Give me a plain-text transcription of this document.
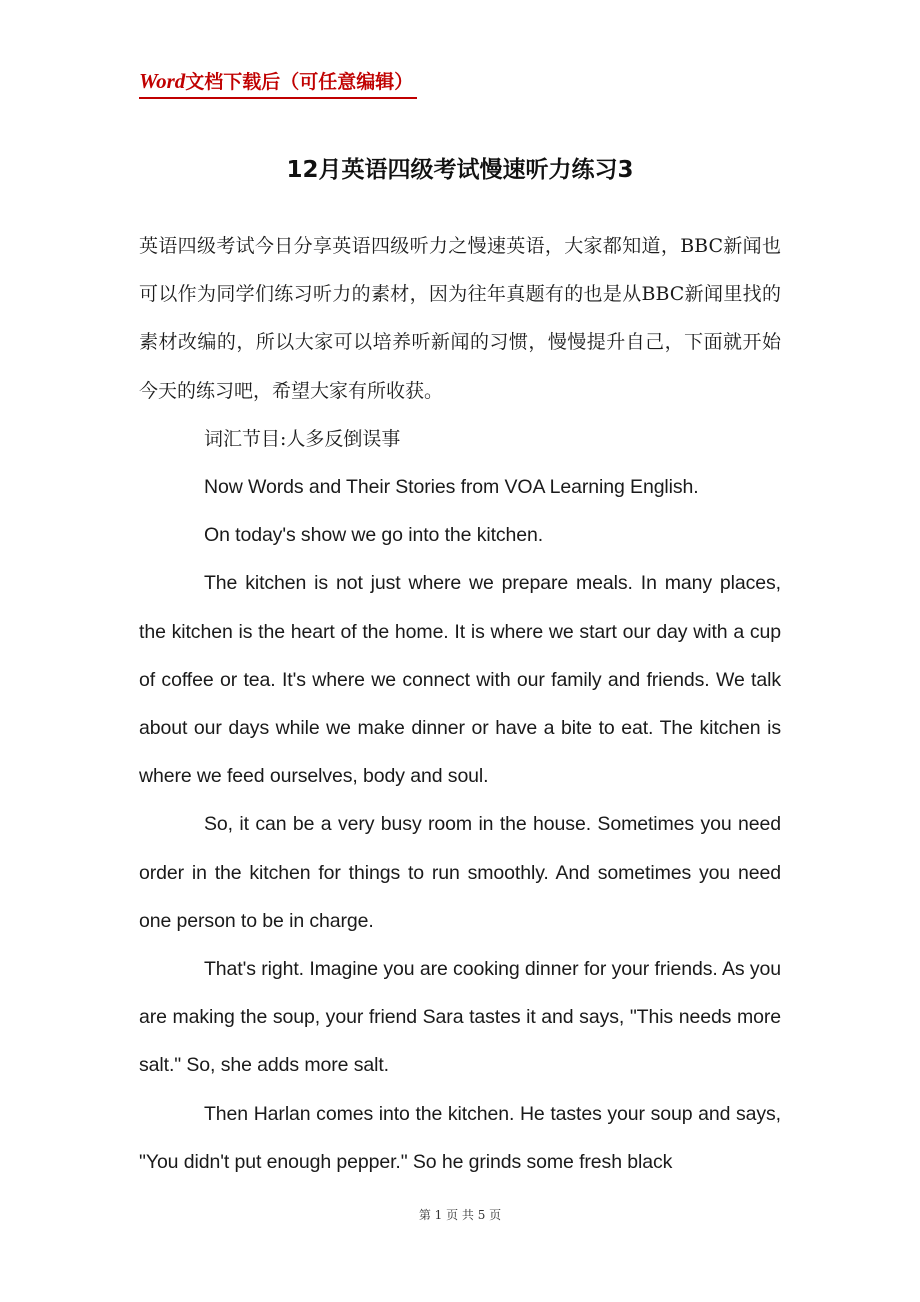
Word文档下载后（可任意编辑）
12月英语四级考试慢速听力练习3

英语四级考试今日分享英语四级听力之慢速英语，大家都知道，BBC新闻也可以作为同学们练习听力的素材，因为往年真题有的也是从BBC新闻里找的素材改编的，所以大家可以培养听新闻的习惯，慢慢提升自己，下面就开始今天的练习吧，希望大家有所收获。

词汇节目:人多反倒误事

Now Words and Their Stories from VOA Learning English.

On today's show we go into the kitchen.

The kitchen is not just where we prepare meals. In many places, the kitchen is the heart of the home. It is where we start our day with a cup of coffee or tea. It's where we connect with our family and friends. We talk about our days while we make dinner or have a bite to eat. The kitchen is where we feed ourselves, body and soul.

So, it can be a very busy room in the house. Sometimes you need order in the kitchen for things to run smoothly. And sometimes you need one person to be in charge.

That's right. Imagine you are cooking dinner for your friends. As you are making the soup, your friend Sara tastes it and says, "This needs more salt." So, she adds more salt.

Then Harlan comes into the kitchen. He tastes your soup and says, "You didn't put enough pepper." So he grinds some fresh black

第 1 页 共 5 页
